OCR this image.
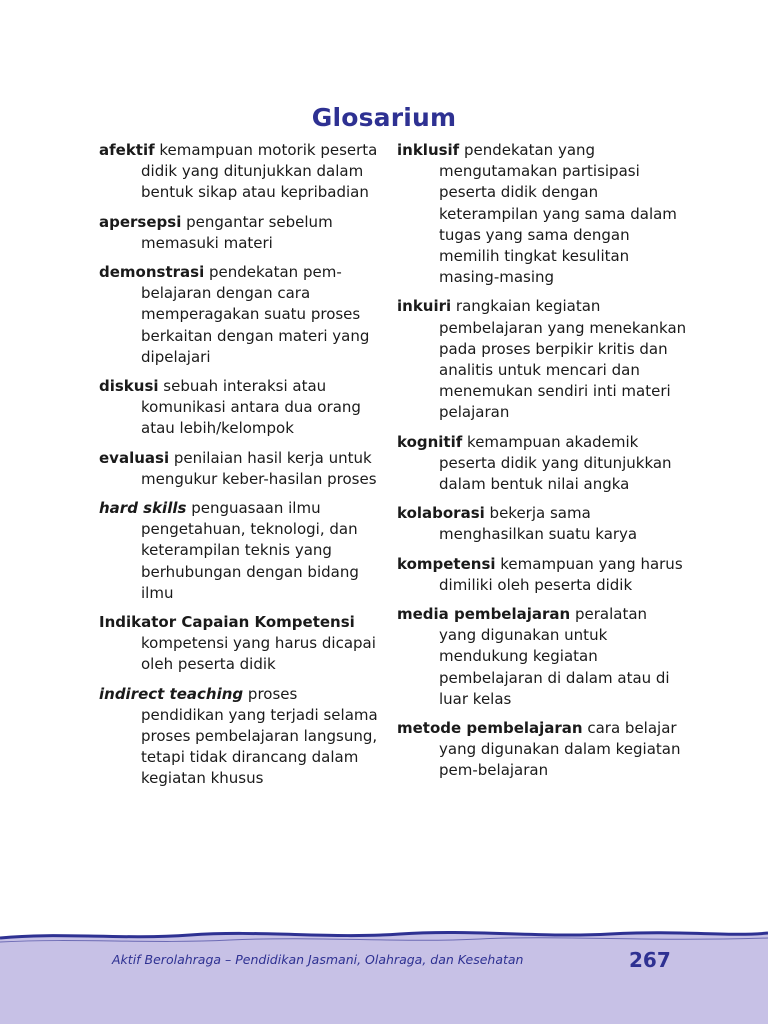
Glosarium
afektif kemampuan motorik peserta didik yang ditunjukkan dalam bentuk sikap atau kepribadian
apersepsi pengantar sebelum memasuki materi
demonstrasi pendekatan pem-belajaran dengan cara memperagakan suatu proses berkaitan dengan materi yang dipelajari
diskusi sebuah interaksi atau komunikasi antara dua orang atau lebih/kelompok
evaluasi penilaian hasil kerja untuk mengukur keber-hasilan proses
hard skills penguasaan ilmu pengetahuan, teknologi, dan keterampilan teknis yang berhubungan dengan bidang ilmu
Indikator Capaian Kompetensi kompetensi yang harus dicapai oleh peserta didik
indirect teaching proses pendidikan yang terjadi selama proses pembelajaran langsung, tetapi tidak dirancang dalam kegiatan khusus
inklusif pendekatan yang mengutamakan partisipasi peserta didik dengan keterampilan yang sama dalam tugas yang sama dengan memilih tingkat kesulitan masing-masing
inkuiri rangkaian kegiatan pembelajaran yang menekankan pada proses berpikir kritis dan analitis untuk mencari dan menemukan sendiri inti materi pelajaran
kognitif kemampuan akademik peserta didik yang ditunjukkan dalam bentuk nilai angka
kolaborasi bekerja sama menghasilkan suatu karya
kompetensi kemampuan yang harus dimiliki oleh peserta didik
media pembelajaran peralatan yang digunakan untuk mendukung kegiatan pembelajaran di dalam atau di luar kelas
metode pembelajaran cara belajar yang digunakan dalam kegiatan pem-belajaran
Aktif Berolahraga – Pendidikan Jasmani, Olahraga, dan Kesehatan	267
